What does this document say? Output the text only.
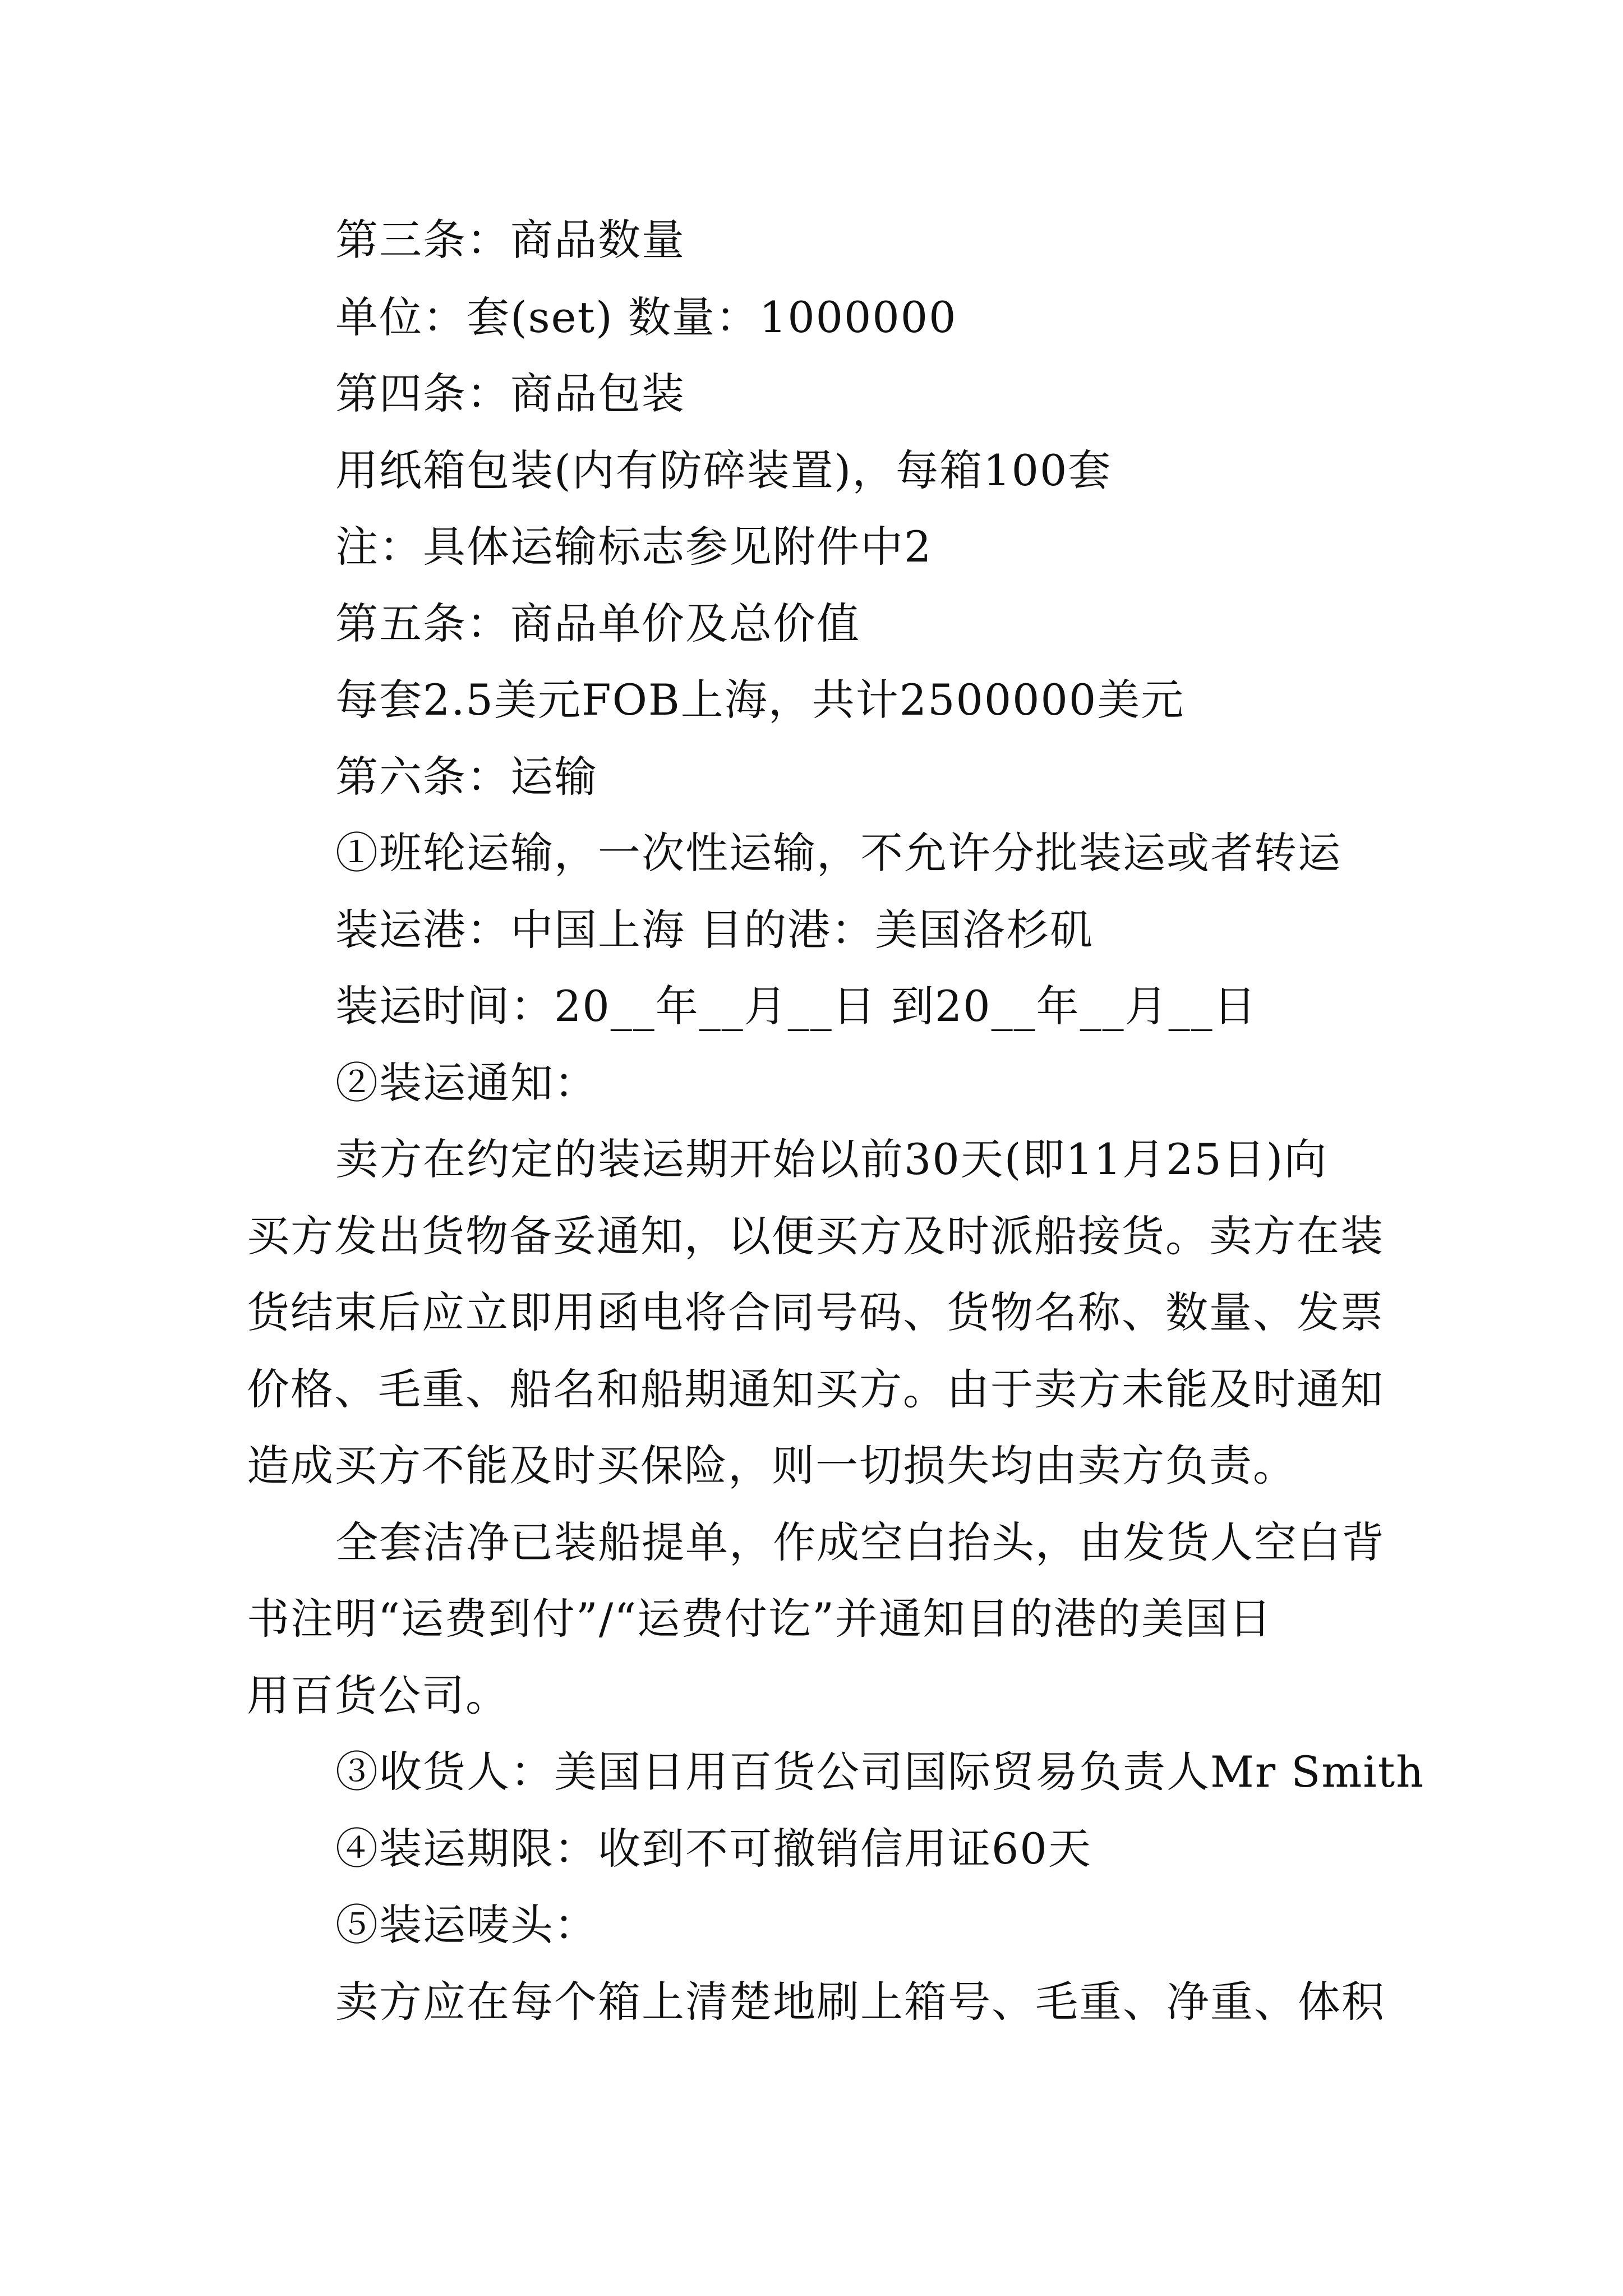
第三条：商品数量
单位：套(set) 数量：1000000
第四条：商品包装
用纸箱包装(内有防碎装置)，每箱100套
注：具体运输标志参见附件中2
第五条：商品单价及总价值
每套2.5美元FOB上海，共计2500000美元
第六条：运输
①班轮运输，一次性运输，不允许分批装运或者转运
装运港：中国上海 目的港：美国洛杉矶
装运时间：20__年__月__日 到20__年__月__日
②装运通知：
卖方在约定的装运期开始以前30天(即11月25日)向
买方发出货物备妥通知，以便买方及时派船接货。卖方在装
货结束后应立即用函电将合同号码、货物名称、数量、发票
价格、毛重、船名和船期通知买方。由于卖方未能及时通知
造成买方不能及时买保险，则一切损失均由卖方负责。
全套洁净已装船提单，作成空白抬头，由发货人空白背
书注明“运费到付”/“运费付讫”并通知目的港的美国日
用百货公司。
③收货人：美国日用百货公司国际贸易负责人Mr Smith
④装运期限：收到不可撤销信用证60天
⑤装运唛头：
卖方应在每个箱上清楚地刷上箱号、毛重、净重、体积
